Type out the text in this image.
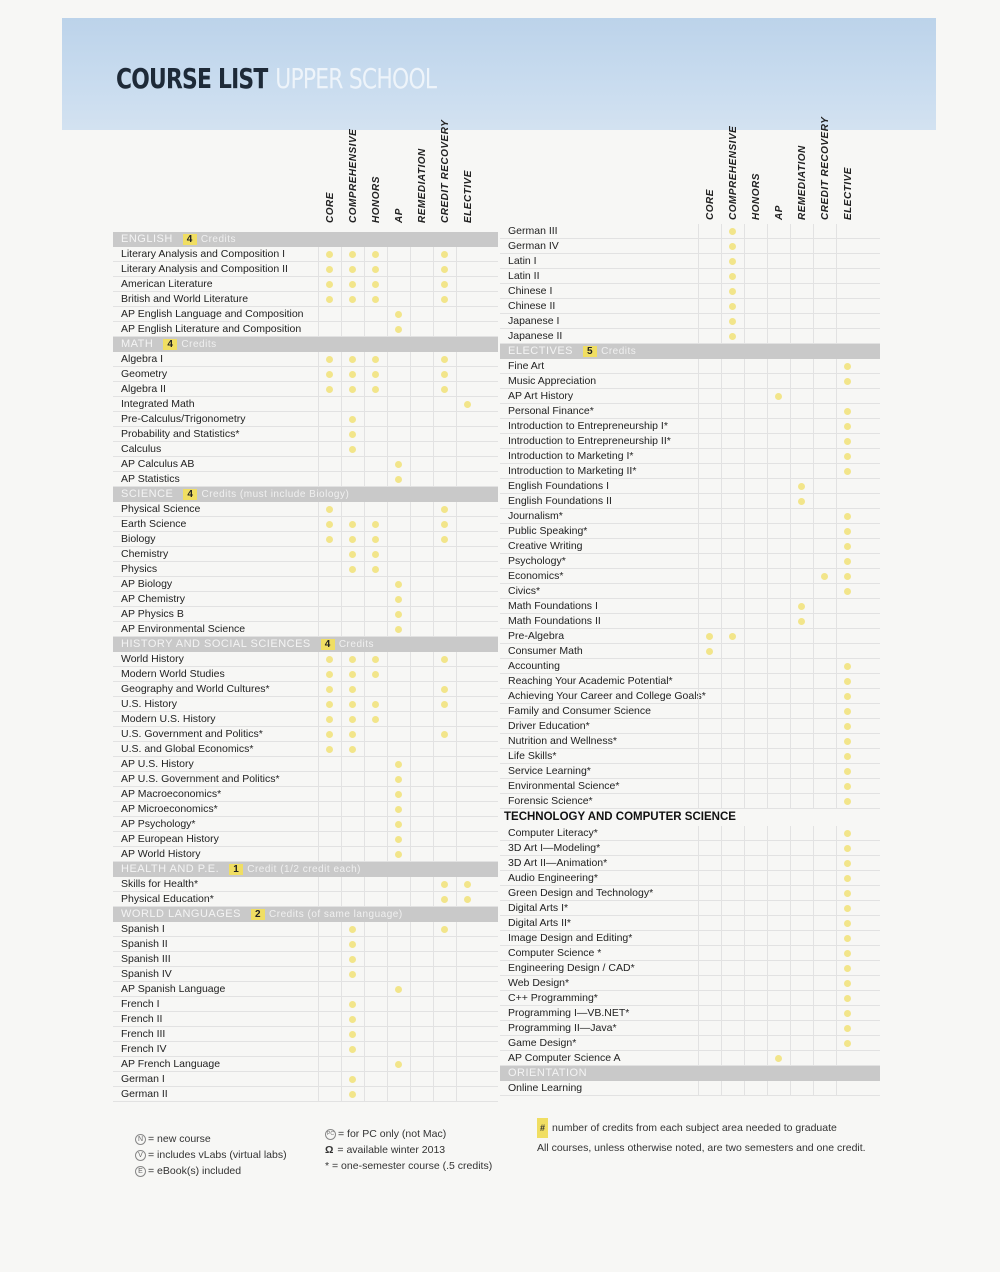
COURSE LIST UPPER SCHOOL
CORE COMPREHENSIVE HONORS AP REMEDIATION CREDIT RECOVERY ELECTIVE	CORE COMPREHENSIVE HONORS AP REMEDIATION CREDIT RECOVERY ELECTIVE
ENGLISH 4 Credits
Literary Analysis and Composition I
Literary Analysis and Composition II
American Literature
British and World Literature
AP English Language and Composition
AP English Literature and Composition
MATH 4 Credits
Algebra I
Geometry
Algebra II
Integrated Math
Pre-Calculus/Trigonometry
Probability and Statistics*
Calculus
AP Calculus AB
AP Statistics
SCIENCE 4 Credits (must include Biology)
Physical Science
Earth Science
Biology
Chemistry
Physics
AP Biology
AP Chemistry
AP Physics B
AP Environmental Science
HISTORY AND SOCIAL SCIENCES 4 Credits
World History
Modern World Studies
Geography and World Cultures*
U.S. History
Modern U.S. History
U.S. Government and Politics*
U.S. and Global Economics*
AP U.S. History
AP U.S. Government and Politics*
AP Macroeconomics*
AP Microeconomics*
AP Psychology*
AP European History
AP World History
HEALTH AND P.E. 1 Credit (1/2 credit each)
Skills for Health*
Physical Education*
WORLD LANGUAGES 2 Credits (of same language)
Spanish I
Spanish II
Spanish III
Spanish IV
AP Spanish Language
French I
French II
French III
French IV
AP French Language
German I
German II
German III
German IV
Latin I
Latin II
Chinese I
Chinese II
Japanese I
Japanese II
ELECTIVES 5 Credits
Fine Art
Music Appreciation
AP Art History
Personal Finance*
Introduction to Entrepreneurship I*
Introduction to Entrepreneurship II*
Introduction to Marketing I*
Introduction to Marketing II*
English Foundations I
English Foundations II
Journalism*
Public Speaking*
Creative Writing
Psychology*
Economics*
Civics*
Math Foundations I
Math Foundations II
Pre-Algebra
Consumer Math
Accounting
Reaching Your Academic Potential*
Achieving Your Career and College Goals*
Family and Consumer Science
Driver Education*
Nutrition and Wellness*
Life Skills*
Service Learning*
Environmental Science*
Forensic Science*
TECHNOLOGY AND COMPUTER SCIENCE
Computer Literacy*
3D Art I—Modeling*
3D Art II—Animation*
Audio Engineering*
Green Design and Technology*
Digital Arts I*
Digital Arts II*
Image Design and Editing*
Computer Science *
Engineering Design / CAD*
Web Design*
C++ Programming*
Programming I—VB.NET*
Programming II—Java*
Game Design*
AP Computer Science A
ORIENTATION
Online Learning
N = new course
V = includes vLabs (virtual labs)
E = eBook(s) included
PC = for PC only (not Mac)
Ω = available winter 2013
* = one-semester course (.5 credits)
# number of credits from each subject area needed to graduate
All courses, unless otherwise noted, are two semesters and one credit.
